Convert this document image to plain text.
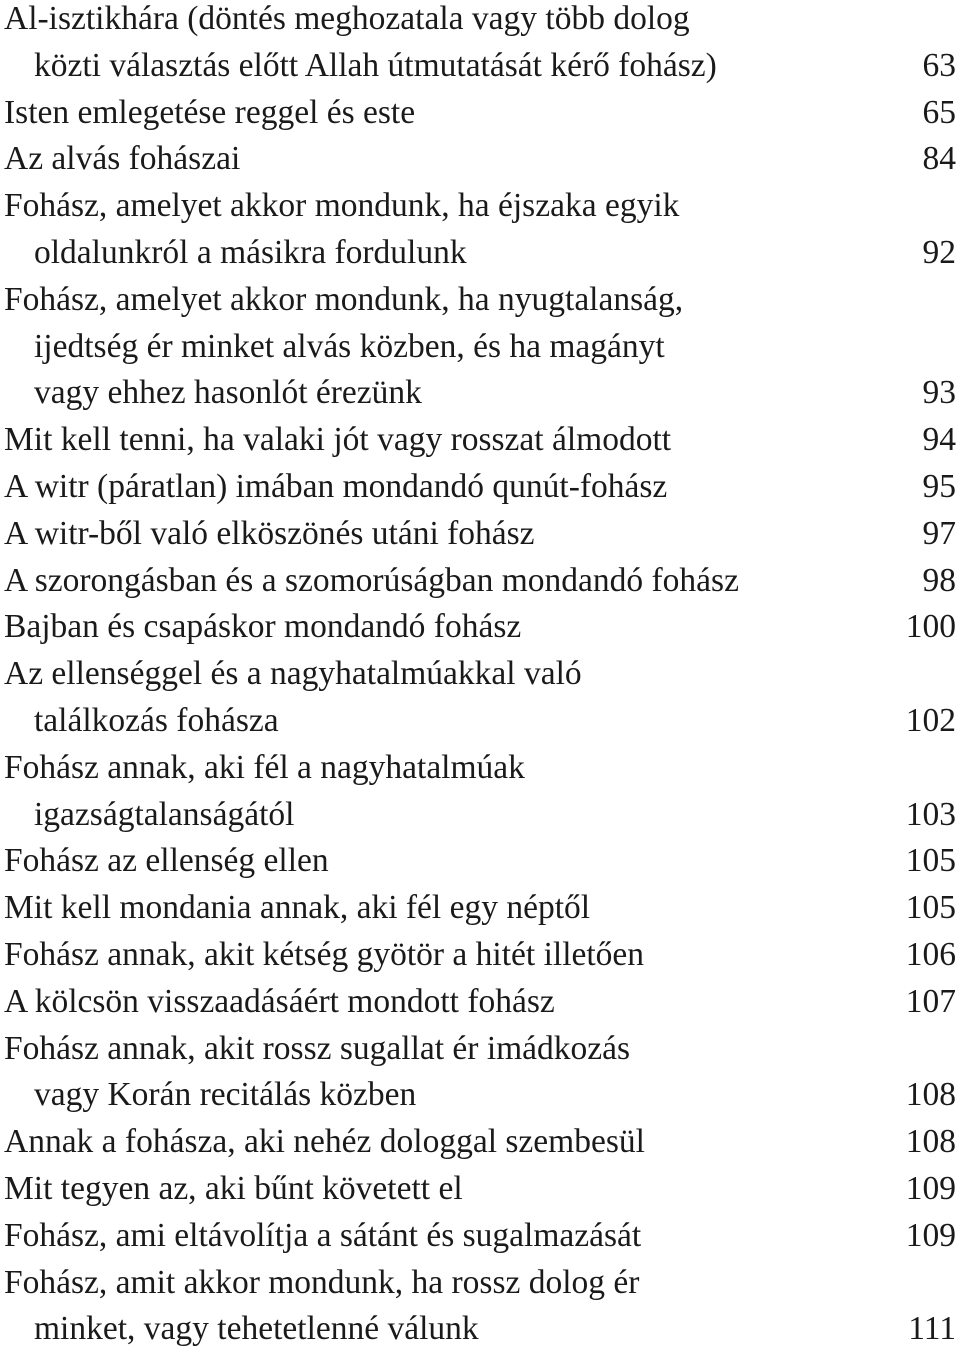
Al-isztikhára (döntés meghozatala vagy több dolog
közti választás előtt Allah útmutatását kérő fohász)	63
Isten emlegetése reggel és este	65
Az alvás fohászai	84
Fohász, amelyet akkor mondunk, ha éjszaka egyik
oldalunkról a másikra fordulunk	92
Fohász, amelyet akkor mondunk, ha nyugtalanság,
ijedtség ér minket alvás közben, és ha magányt
vagy ehhez hasonlót érezünk	93
Mit kell tenni, ha valaki jót vagy rosszat álmodott	94
A witr (páratlan) imában mondandó qunút-fohász	95
A witr-ből való elköszönés utáni fohász	97
A szorongásban és a szomorúságban mondandó fohász	98
Bajban és csapáskor mondandó fohász	100
Az ellenséggel és a nagyhatalmúakkal való
találkozás fohásza	102
Fohász annak, aki fél a nagyhatalmúak
igazságtalanságától	103
Fohász az ellenség ellen	105
Mit kell mondania annak, aki fél egy néptől	105
Fohász annak, akit kétség gyötör a hitét illetően	106
A kölcsön visszaadásáért mondott fohász	107
Fohász annak, akit rossz sugallat ér imádkozás
vagy Korán recitálás közben	108
Annak a fohásza, aki nehéz dologgal szembesül	108
Mit tegyen az, aki bűnt követett el	109
Fohász, ami eltávolítja a sátánt és sugalmazását	109
Fohász, amit akkor mondunk, ha rossz dolog ér
minket, vagy tehetetlenné válunk	111
